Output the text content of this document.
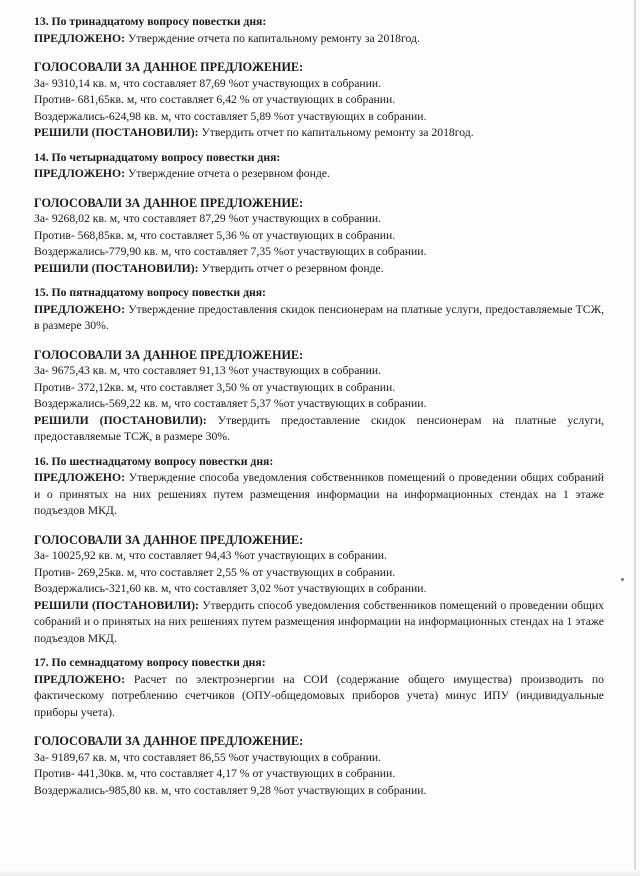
13. По тринадцатому вопросу повестки дня:
ПРЕДЛОЖЕНО: Утверждение отчета по капитальному ремонту за 2018год.
ГОЛОСОВАЛИ ЗА ДАННОЕ ПРЕДЛОЖЕНИЕ:
За- 9310,14 кв. м, что составляет 87,69 %от участвующих в собрании.
Против- 681,65кв. м, что составляет 6,42 % от участвующих в собрании.
Воздержались-624,98 кв. м, что составляет 5,89 %от участвующих в собрании.
РЕШИЛИ (ПОСТАНОВИЛИ): Утвердить отчет по капитальному ремонту за 2018год.
14. По четырнадцатому вопросу повестки дня:
ПРЕДЛОЖЕНО: Утверждение отчета о резервном фонде.
ГОЛОСОВАЛИ ЗА ДАННОЕ ПРЕДЛОЖЕНИЕ:
За- 9268,02 кв. м, что составляет 87,29 %от участвующих в собрании.
Против- 568,85кв. м, что составляет 5,36 % от участвующих в собрании.
Воздержались-779,90 кв. м, что составляет 7,35 %от участвующих в собрании.
РЕШИЛИ (ПОСТАНОВИЛИ): Утвердить отчет о резервном фонде.
15. По пятнадцатому вопросу повестки дня:
ПРЕДЛОЖЕНО: Утверждение предоставления скидок пенсионерам на платные услуги, предоставляемые ТСЖ, в размере 30%.
ГОЛОСОВАЛИ ЗА ДАННОЕ ПРЕДЛОЖЕНИЕ:
За- 9675,43 кв. м, что составляет 91,13 %от участвующих в собрании.
Против- 372,12кв. м, что составляет 3,50 % от участвующих в собрании.
Воздержались-569,22 кв. м, что составляет 5,37 %от участвующих в собрании.
РЕШИЛИ (ПОСТАНОВИЛИ): Утвердить предоставление скидок пенсионерам на платные услуги, предоставляемые ТСЖ, в размере 30%.
16. По шестнадцатому вопросу повестки дня:
ПРЕДЛОЖЕНО: Утверждение способа уведомления собственников помещений о проведении общих собраний и о принятых на них решениях путем размещения информации на информационных стендах на 1 этаже подъездов МКД.
ГОЛОСОВАЛИ ЗА ДАННОЕ ПРЕДЛОЖЕНИЕ:
За- 10025,92 кв. м, что составляет 94,43 %от участвующих в собрании.
Против- 269,25кв. м, что составляет 2,55 % от участвующих в собрании.
Воздержались-321,60 кв. м, что составляет 3,02 %от участвующих в собрании.
РЕШИЛИ (ПОСТАНОВИЛИ): Утвердить способ уведомления собственников помещений о проведении общих собраний и о принятых на них решениях путем размещения информации на информационных стендах на 1 этаже подъездов МКД.
17. По семнадцатому вопросу повестки дня:
ПРЕДЛОЖЕНО: Расчет по электроэнергии на СОИ (содержание общего имущества) производить по фактическому потреблению счетчиков (ОПУ-общедомовых приборов учета) минус ИПУ (индивидуальные приборы учета).
ГОЛОСОВАЛИ ЗА ДАННОЕ ПРЕДЛОЖЕНИЕ:
За- 9189,67 кв. м, что составляет 86,55 %от участвующих в собрании.
Против- 441,30кв. м, что составляет 4,17 % от участвующих в собрании.
Воздержались-985,80 кв. м, что составляет 9,28 %от участвующих в собрании.
